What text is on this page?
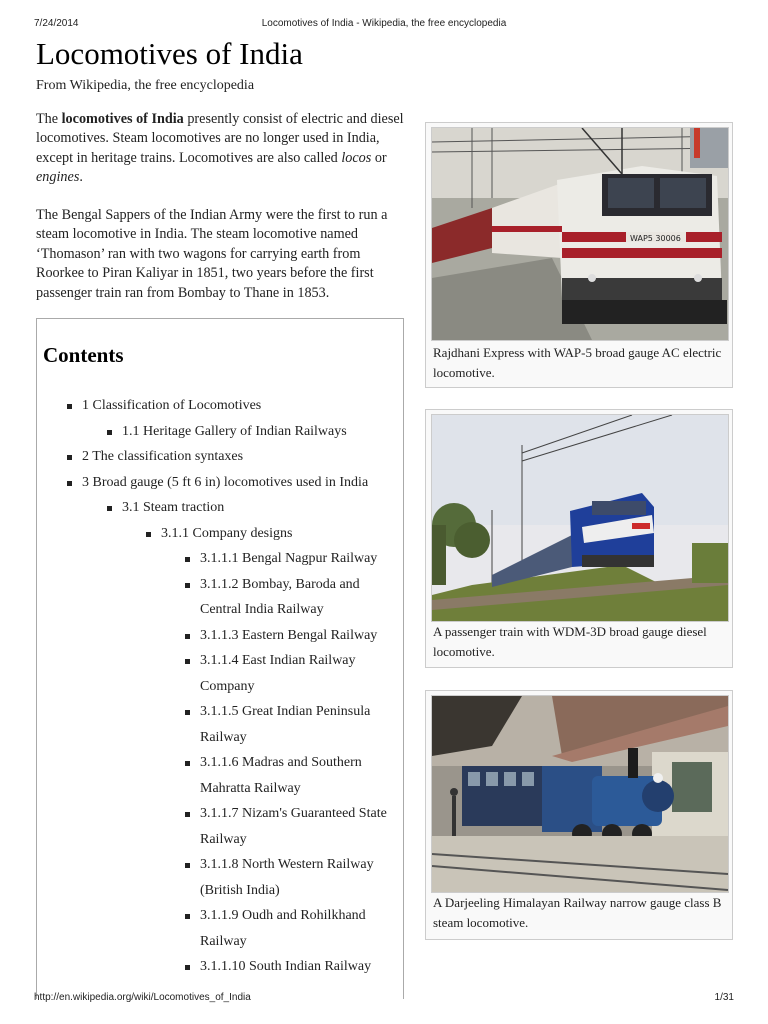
7/24/2014	Locomotives of India - Wikipedia, the free encyclopedia
Locomotives of India
From Wikipedia, the free encyclopedia

The locomotives of India presently consist of electric and diesel locomotives. Steam locomotives are no longer used in India, except in heritage trains. Locomotives are also called locos or engines.

The Bengal Sappers of the Indian Army were the first to run a steam locomotive in India. The steam locomotive named ‘Thomason’ ran with two wagons for carrying earth from Roorkee to Piran Kaliyar in 1851, two years before the first passenger train ran from Bombay to Thane in 1853.

Contents
1 Classification of Locomotives
1.1 Heritage Gallery of Indian Railways
2 The classification syntaxes
3 Broad gauge (5 ft 6 in) locomotives used in India
3.1 Steam traction
3.1.1 Company designs
3.1.1.1 Bengal Nagpur Railway
3.1.1.2 Bombay, Baroda and Central India Railway
3.1.1.3 Eastern Bengal Railway
3.1.1.4 East Indian Railway Company
3.1.1.5 Great Indian Peninsula Railway
3.1.1.6 Madras and Southern Mahratta Railway
3.1.1.7 Nizam's Guaranteed State Railway
3.1.1.8 North Western Railway (British India)
3.1.1.9 Oudh and Rohilkhand Railway
3.1.1.10 South Indian Railway
WAP5 30006
Rajdhani Express with WAP-5 broad gauge AC electric locomotive.
A passenger train with WDM-3D broad gauge diesel locomotive.
A Darjeeling Himalayan Railway narrow gauge class B steam locomotive.
http://en.wikipedia.org/wiki/Locomotives_of_India	1/31
